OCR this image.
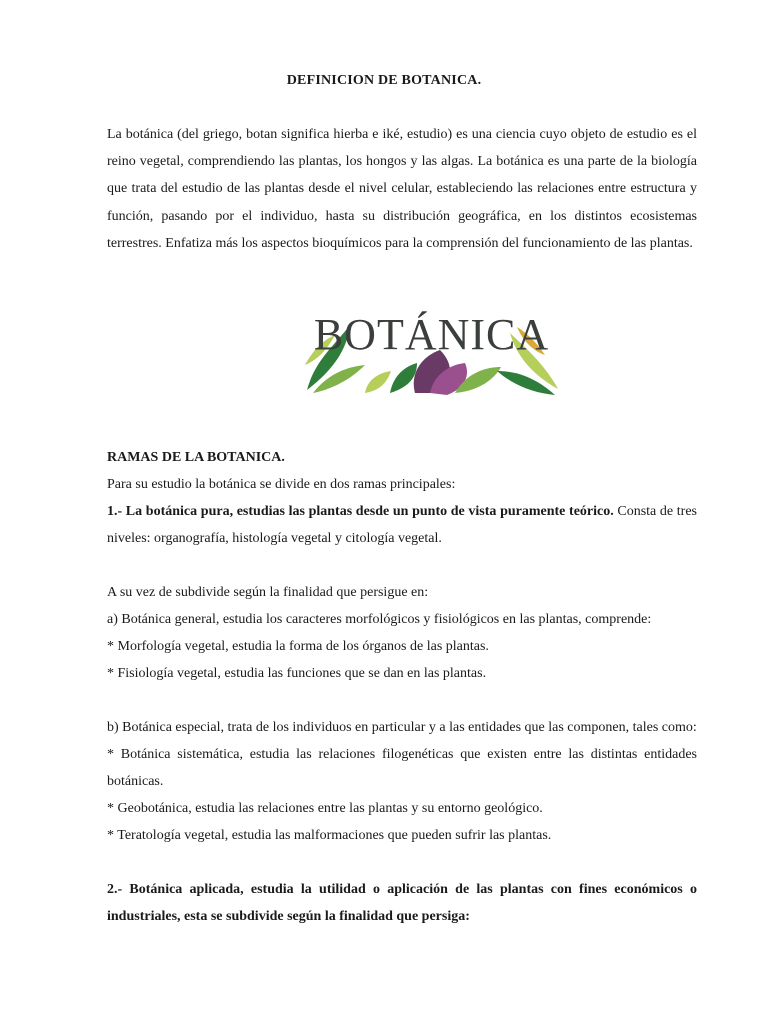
DEFINICION DE BOTANICA.

La botánica (del griego, botan significa hierba e iké, estudio) es una ciencia cuyo objeto de estudio es el reino vegetal, comprendiendo las plantas, los hongos y las algas. La botánica es una parte de la biología que trata del estudio de las plantas desde el nivel celular, estableciendo las relaciones entre estructura y función, pasando por el individuo, hasta su distribución geográfica, en los distintos ecosistemas terrestres. Enfatiza más los aspectos bioquímicos para la comprensión del funcionamiento de las plantas.

BOTÁNICA

RAMAS DE LA BOTANICA.

Para su estudio la botánica se divide en dos ramas principales:

1.- La botánica pura, estudias las plantas desde un punto de vista puramente teórico. Consta de tres niveles: organografía, histología vegetal y citología vegetal.

A su vez de subdivide según la finalidad que persigue en:

a) Botánica general, estudia los caracteres morfológicos y fisiológicos en las plantas, comprende:

* Morfología vegetal, estudia la forma de los órganos de las plantas.

* Fisiología vegetal, estudia las funciones que se dan en las plantas.

b) Botánica especial, trata de los individuos en particular y a las entidades que las componen, tales como:

* Botánica sistemática, estudia las relaciones filogenéticas que existen entre las distintas entidades botánicas.

* Geobotánica, estudia las relaciones entre las plantas y su entorno geológico.

* Teratología vegetal, estudia las malformaciones que pueden sufrir las plantas.

2.- Botánica aplicada, estudia la utilidad o aplicación de las plantas con fines económicos o industriales, esta se subdivide según la finalidad que persiga:
